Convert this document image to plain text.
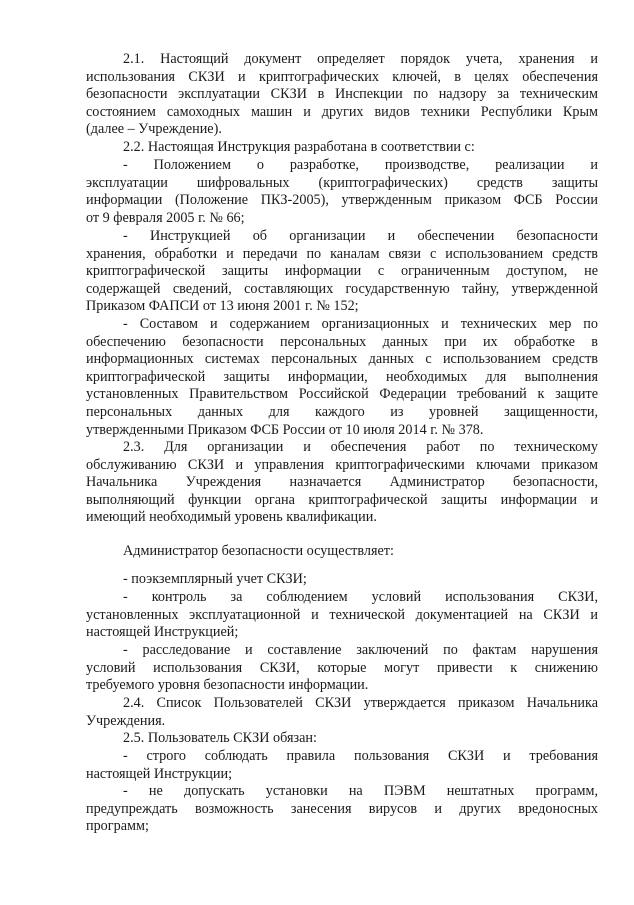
2.1. Настоящий документ определяет порядок учета, хранения и
использования СКЗИ и криптографических ключей, в целях обеспечения
безопасности эксплуатации СКЗИ в Инспекции по надзору за техническим
состоянием самоходных машин и других видов техники Республики Крым
(далее – Учреждение).
2.2. Настоящая Инструкция разработана в соответствии с:
- Положением о разработке, производстве, реализации и
эксплуатации шифровальных (криптографических) средств защиты
информации (Положение ПКЗ-2005), утвержденным приказом ФСБ России
от 9 февраля 2005 г. № 66;
- Инструкцией об организации и обеспечении безопасности
хранения, обработки и передачи по каналам связи с использованием средств
криптографической защиты информации с ограниченным доступом, не
содержащей сведений, составляющих государственную тайну, утвержденной
Приказом ФАПСИ от 13 июня 2001 г. № 152;
- Составом и содержанием организационных и технических мер по
обеспечению безопасности персональных данных при их обработке в
информационных системах персональных данных с использованием средств
криптографической защиты информации, необходимых для выполнения
установленных Правительством Российской Федерации требований к защите
персональных данных для каждого из уровней защищенности,
утвержденными Приказом ФСБ России от 10 июля 2014 г. № 378.
2.3. Для организации и обеспечения работ по техническому
обслуживанию СКЗИ и управления криптографическими ключами приказом
Начальника Учреждения назначается Администратор безопасности,
выполняющий функции органа криптографической защиты информации и
имеющий необходимый уровень квалификации.
Администратор безопасности осуществляет:
- поэкземплярный учет СКЗИ;
- контроль за соблюдением условий использования СКЗИ,
установленных эксплуатационной и технической документацией на СКЗИ и
настоящей Инструкцией;
- расследование и составление заключений по фактам нарушения
условий использования СКЗИ, которые могут привести к снижению
требуемого уровня безопасности информации.
2.4. Список Пользователей СКЗИ утверждается приказом Начальника
Учреждения.
2.5. Пользователь СКЗИ обязан:
- строго соблюдать правила пользования СКЗИ и требования
настоящей Инструкции;
- не допускать установки на ПЭВМ нештатных программ,
предупреждать возможность занесения вирусов и других вредоносных
программ;
